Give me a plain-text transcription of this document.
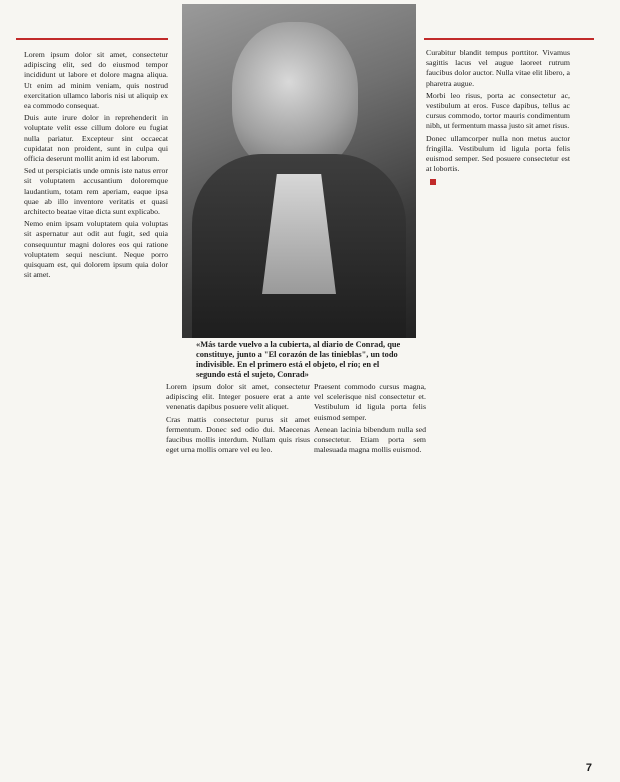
«Más tarde vuelvo a la cubierta, al diario de Conrad, que constituye, junto a "El corazón de las tinieblas", un todo indivisible. En el primero está el objeto, el río; en el segundo está el sujeto, Conrad»

Lorem ipsum dolor sit amet, consectetur adipiscing elit, sed do eiusmod tempor incididunt ut labore et dolore magna aliqua. Ut enim ad minim veniam, quis nostrud exercitation ullamco laboris nisi ut aliquip ex ea commodo consequat.

Duis aute irure dolor in reprehenderit in voluptate velit esse cillum dolore eu fugiat nulla pariatur. Excepteur sint occaecat cupidatat non proident, sunt in culpa qui officia deserunt mollit anim id est laborum.

Sed ut perspiciatis unde omnis iste natus error sit voluptatem accusantium doloremque laudantium, totam rem aperiam, eaque ipsa quae ab illo inventore veritatis et quasi architecto beatae vitae dicta sunt explicabo.

Nemo enim ipsam voluptatem quia voluptas sit aspernatur aut odit aut fugit, sed quia consequuntur magni dolores eos qui ratione voluptatem sequi nesciunt. Neque porro quisquam est, qui dolorem ipsum quia dolor sit amet.

Lorem ipsum dolor sit amet, consectetur adipiscing elit. Integer posuere erat a ante venenatis dapibus posuere velit aliquet.

Cras mattis consectetur purus sit amet fermentum. Donec sed odio dui. Maecenas faucibus mollis interdum. Nullam quis risus eget urna mollis ornare vel eu leo.

Praesent commodo cursus magna, vel scelerisque nisl consectetur et. Vestibulum id ligula porta felis euismod semper.

Aenean lacinia bibendum nulla sed consectetur. Etiam porta sem malesuada magna mollis euismod.

Curabitur blandit tempus porttitor. Vivamus sagittis lacus vel augue laoreet rutrum faucibus dolor auctor. Nulla vitae elit libero, a pharetra augue.

Morbi leo risus, porta ac consectetur ac, vestibulum at eros. Fusce dapibus, tellus ac cursus commodo, tortor mauris condimentum nibh, ut fermentum massa justo sit amet risus.

Donec ullamcorper nulla non metus auctor fringilla. Vestibulum id ligula porta felis euismod semper. Sed posuere consectetur est at lobortis.

7
